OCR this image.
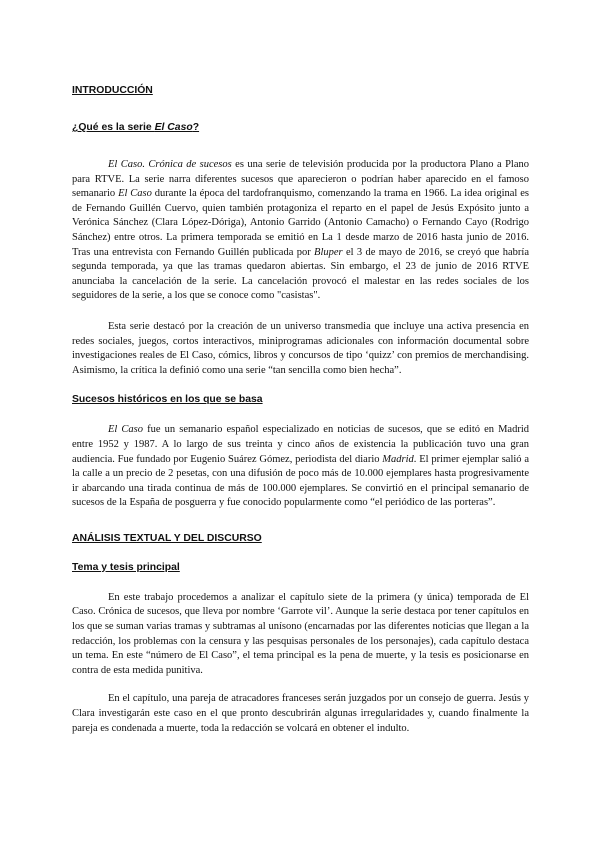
INTRODUCCIÓN
¿Qué es la serie El Caso?

El Caso. Crónica de sucesos es una serie de televisión producida por la productora Plano a Plano para RTVE. La serie narra diferentes sucesos que aparecieron o podrían haber aparecido en el famoso semanario El Caso durante la época del tardofranquismo, comenzando la trama en 1966. La idea original es de Fernando Guillén Cuervo, quien también protagoniza el reparto en el papel de Jesús Expósito junto a Verónica Sánchez (Clara López-Dóriga), Antonio Garrido (Antonio Camacho) o Fernando Cayo (Rodrigo Sánchez) entre otros. La primera temporada se emitió en La 1 desde marzo de 2016 hasta junio de 2016. Tras una entrevista con Fernando Guillén publicada por Bluper el 3 de mayo de 2016, se creyó que habría segunda temporada, ya que las tramas quedaron abiertas. Sin embargo, el 23 de junio de 2016 RTVE anunciaba la cancelación de la serie. La cancelación provocó el malestar en las redes sociales de los seguidores de la serie, a los que se conoce como "casistas".

Esta serie destacó por la creación de un universo transmedia que incluye una activa presencia en redes sociales, juegos, cortos interactivos, miniprogramas adicionales con información documental sobre investigaciones reales de El Caso, cómics, libros y concursos de tipo ‘quizz’ con premios de merchandising. Asimismo, la crítica la definió como una serie “tan sencilla como bien hecha”.

Sucesos históricos en los que se basa

El Caso fue un semanario español especializado en noticias de sucesos, que se editó en Madrid entre 1952 y 1987. A lo largo de sus treinta y cinco años de existencia la publicación tuvo una gran audiencia. Fue fundado por Eugenio Suárez Gómez, periodista del diario Madrid. El primer ejemplar salió a la calle a un precio de 2 pesetas, con una difusión de poco más de 10.000 ejemplares hasta progresivamente ir abarcando una tirada continua de más de 100.000 ejemplares. Se convirtió en el principal semanario de sucesos de la España de posguerra y fue conocido popularmente como “el periódico de las porteras”.

ANÁLISIS TEXTUAL Y DEL DISCURSO
Tema y tesis principal

En este trabajo procedemos a analizar el capítulo siete de la primera (y única) temporada de El Caso. Crónica de sucesos, que lleva por nombre ‘Garrote vil’. Aunque la serie destaca por tener capítulos en los que se suman varias tramas y subtramas al unísono (encarnadas por las diferentes noticias que llegan a la redacción, los problemas con la censura y las pesquisas personales de los personajes), cada capítulo destaca un tema. En este “número de El Caso”, el tema principal es la pena de muerte, y la tesis es posicionarse en contra de esta medida punitiva.

En el capítulo, una pareja de atracadores franceses serán juzgados por un consejo de guerra. Jesús y Clara investigarán este caso en el que pronto descubrirán algunas irregularidades y, cuando finalmente la pareja es condenada a muerte, toda la redacción se volcará en obtener el indulto.
